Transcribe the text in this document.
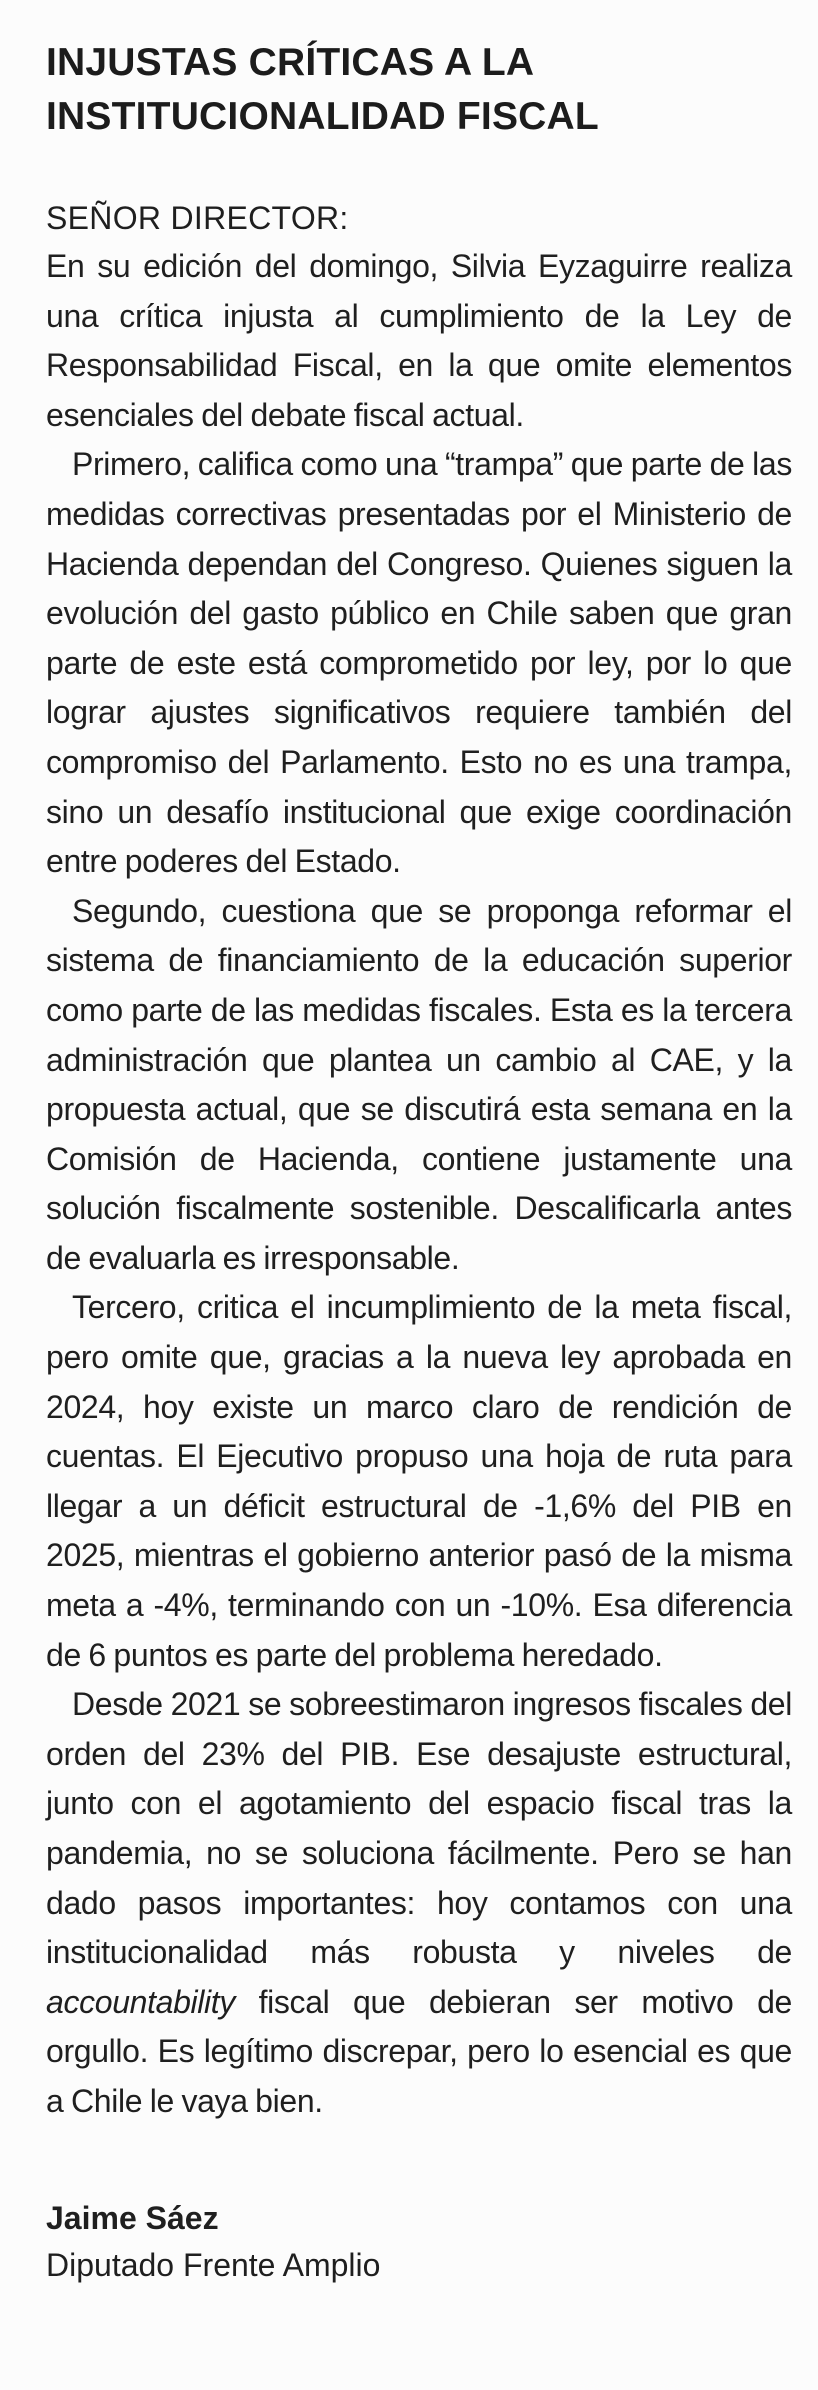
INJUSTAS CRÍTICAS A LA
INSTITUCIONALIDAD FISCAL
SEÑOR DIRECTOR:

En su edición del domingo, Silvia Eyzaguirre realiza una crítica injusta al cumplimiento de la Ley de Responsabilidad Fiscal, en la que omite elementos esenciales del debate fiscal actual.

Primero, califica como una “trampa” que parte de las medidas correctivas presentadas por el Ministerio de Hacienda dependan del Congreso. Quienes siguen la evolución del gasto público en Chile saben que gran parte de este está comprometido por ley, por lo que lograr ajustes significativos requiere también del compromiso del Parlamento. Esto no es una trampa, sino un desafío institucional que exige coordinación entre poderes del Estado.

Segundo, cuestiona que se proponga reformar el sistema de financiamiento de la educación superior como parte de las medidas fiscales. Esta es la tercera administración que plantea un cambio al CAE, y la propuesta actual, que se discutirá esta semana en la Comisión de Hacienda, contiene justamente una solución fiscalmente sostenible. Descalificarla antes de evaluarla es irresponsable.

Tercero, critica el incumplimiento de la meta fiscal, pero omite que, gracias a la nueva ley aprobada en 2024, hoy existe un marco claro de rendición de cuentas. El Ejecutivo propuso una hoja de ruta para llegar a un déficit estructural de -1,6% del PIB en 2025, mientras el gobierno anterior pasó de la misma meta a -4%, terminando con un -10%. Esa diferencia de 6 puntos es parte del problema heredado.

Desde 2021 se sobreestimaron ingresos fiscales del orden del 23% del PIB. Ese desajuste estructural, junto con el agotamiento del espacio fiscal tras la pandemia, no se soluciona fácilmente. Pero se han dado pasos importantes: hoy contamos con una institucionalidad más robusta y niveles de accountability fiscal que debieran ser motivo de orgullo. Es legítimo discrepar, pero lo esencial es que a Chile le vaya bien.

Jaime Sáez
Diputado Frente Amplio
